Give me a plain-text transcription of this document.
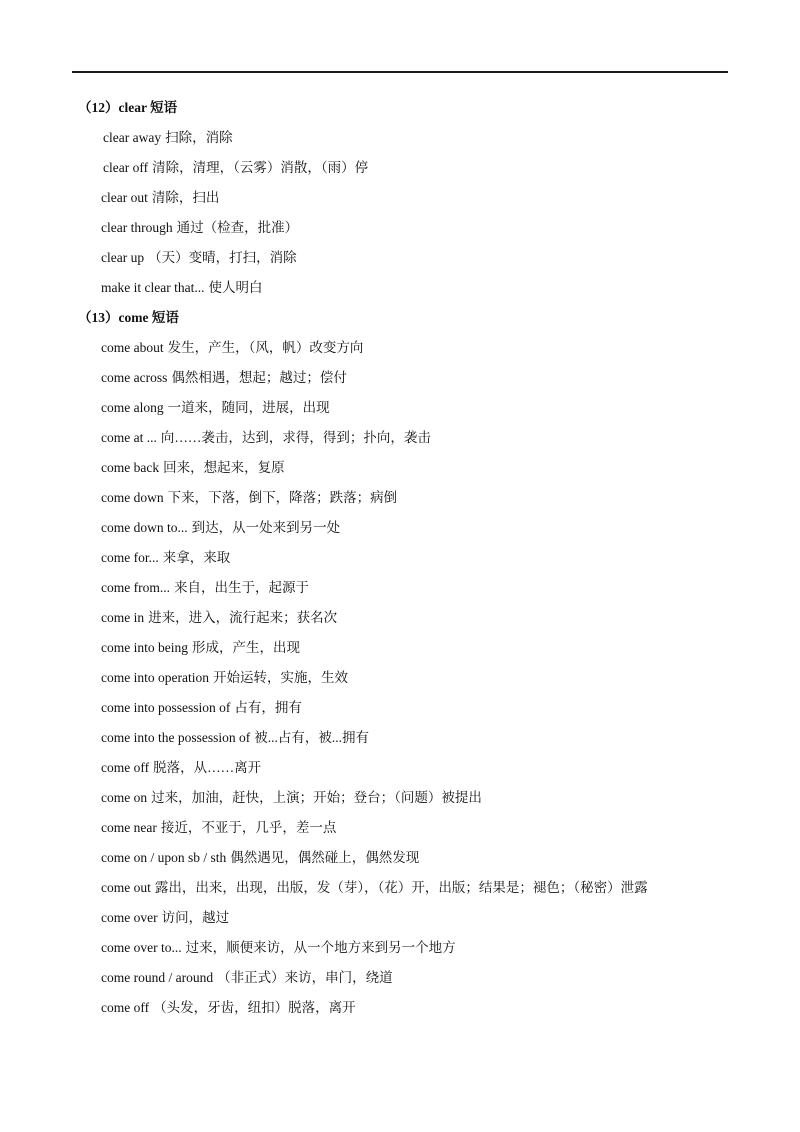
（12）clear 短语
clear away 扫除，消除
clear off 清除，清理，（云雾）消散，（雨）停
clear out 清除，扫出
clear through 通过（检查，批准）
clear up （天）变晴，打扫，消除
make it clear that... 使人明白
（13）come 短语
come about 发生，产生，（风，帆）改变方向
come across 偶然相遇，想起；越过；偿付
come along 一道来，随同，进展，出现
come at ... 向……袭击，达到，求得，得到；扑向，袭击
come back 回来，想起来，复原
come down 下来，下落，倒下，降落；跌落；病倒
come down to... 到达，从一处来到另一处
come for... 来拿，来取
come from... 来自，出生于，起源于
come in 进来，进入，流行起来；获名次
come into being 形成，产生，出现
come into operation 开始运转，实施，生效
come into possession of 占有，拥有
come into the possession of 被...占有，被...拥有
come off 脱落，从……离开
come on 过来，加油，赶快，上演；开始；登台；（问题）被提出
come near 接近，不亚于，几乎，差一点
come on / upon sb / sth 偶然遇见，偶然碰上，偶然发现
come out 露出，出来，出现，出版，发（芽），（花）开，出版；结果是；褪色；（秘密）泄露
come over 访问，越过
come over to... 过来，顺便来访，从一个地方来到另一个地方
come round / around （非正式）来访，串门，绕道
come off （头发，牙齿，纽扣）脱落，离开
